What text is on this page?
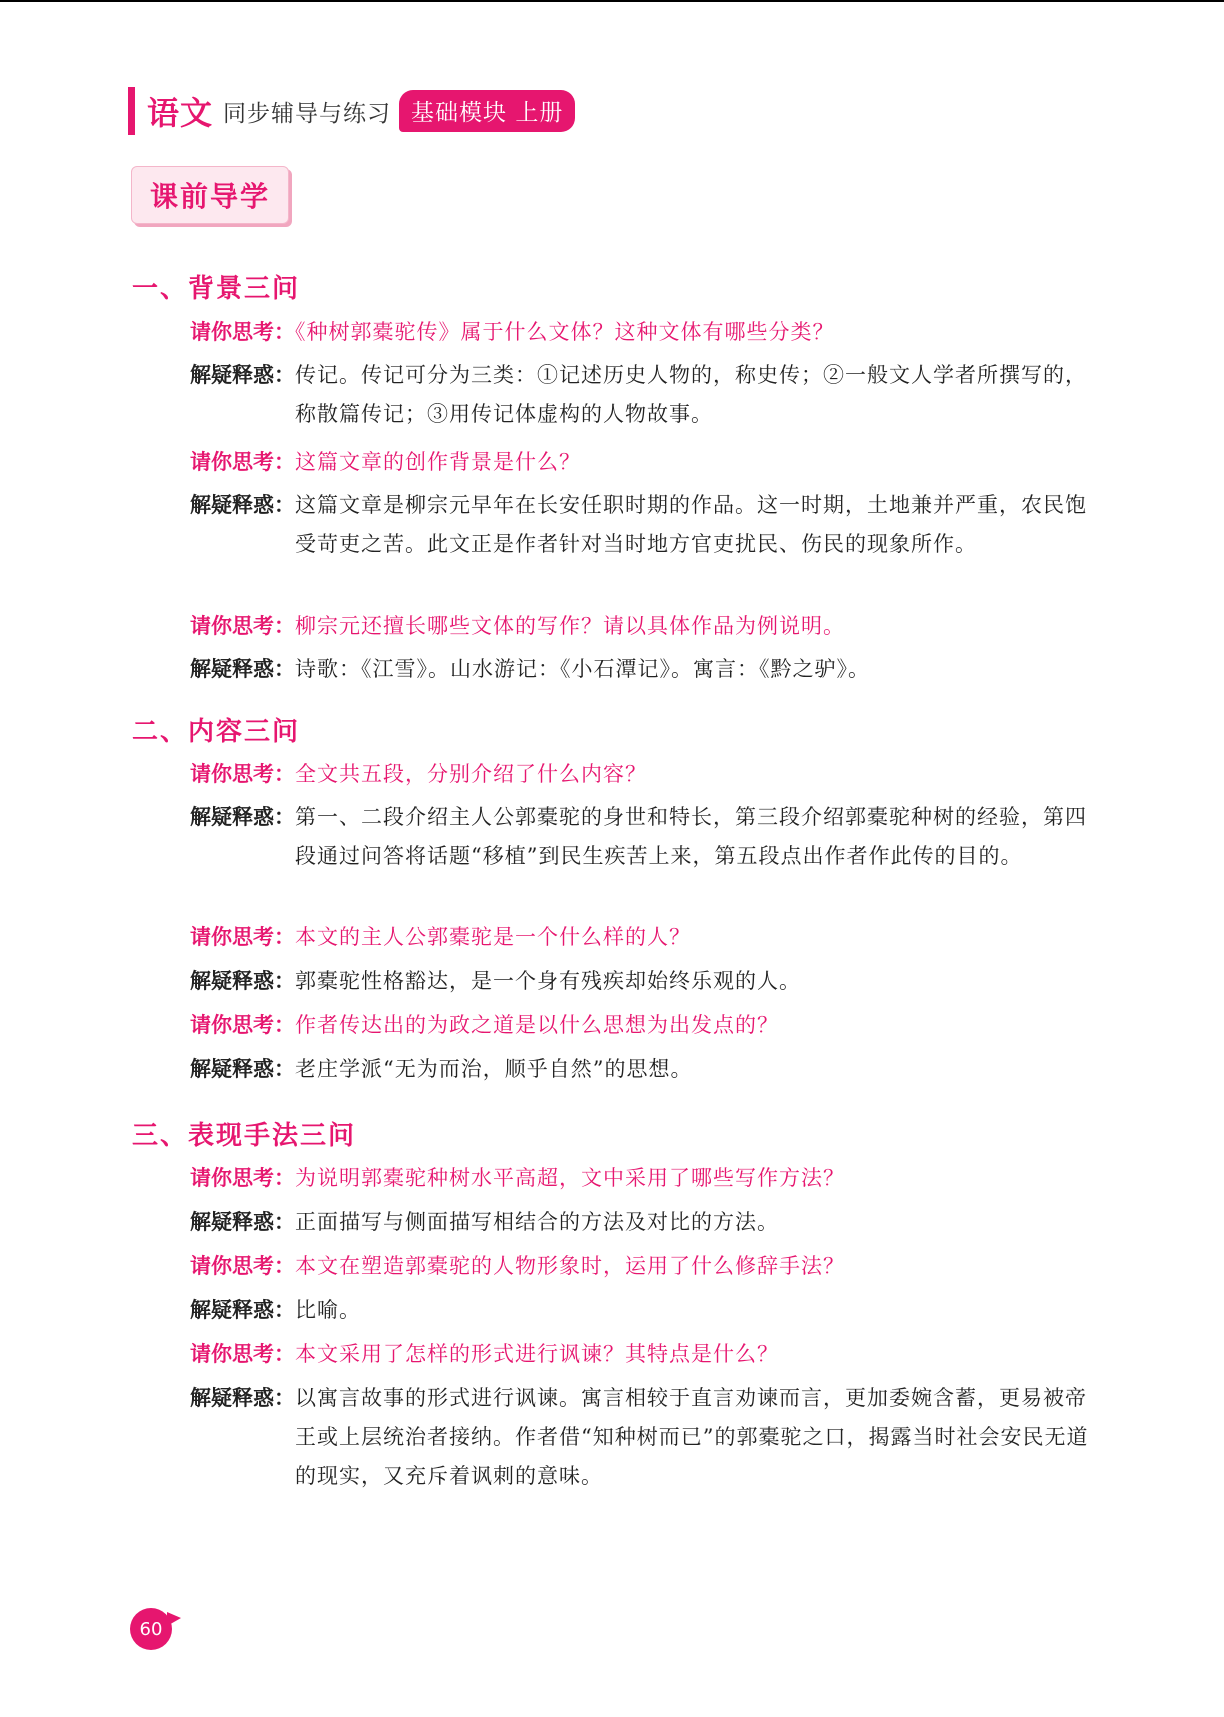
语文 同步辅导与练习 基础模块 上册
课前导学
一、背景三问
请你思考：《种树郭橐驼传》属于什么文体？这种文体有哪些分类？
解疑释惑： 传记。传记可分为三类：①记述历史人物的，称史传；②一般文人学者所撰写的，称散篇传记；③用传记体虚构的人物故事。
请你思考：这篇文章的创作背景是什么？
解疑释惑： 这篇文章是柳宗元早年在长安任职时期的作品。这一时期，土地兼并严重，农民饱受苛吏之苦。此文正是作者针对当时地方官吏扰民、伤民的现象所作。
请你思考：柳宗元还擅长哪些文体的写作？请以具体作品为例说明。
解疑释惑： 诗歌：《江雪》。山水游记：《小石潭记》。寓言：《黔之驴》。
二、内容三问
请你思考：全文共五段，分别介绍了什么内容？
解疑释惑： 第一、二段介绍主人公郭橐驼的身世和特长，第三段介绍郭橐驼种树的经验，第四段通过问答将话题“移植”到民生疾苦上来，第五段点出作者作此传的目的。
请你思考：本文的主人公郭橐驼是一个什么样的人？
解疑释惑： 郭橐驼性格豁达，是一个身有残疾却始终乐观的人。
请你思考：作者传达出的为政之道是以什么思想为出发点的？
解疑释惑： 老庄学派“无为而治，顺乎自然”的思想。
三、表现手法三问
请你思考：为说明郭橐驼种树水平高超，文中采用了哪些写作方法？
解疑释惑： 正面描写与侧面描写相结合的方法及对比的方法。
请你思考：本文在塑造郭橐驼的人物形象时，运用了什么修辞手法？
解疑释惑： 比喻。
请你思考：本文采用了怎样的形式进行讽谏？其特点是什么？
解疑释惑： 以寓言故事的形式进行讽谏。寓言相较于直言劝谏而言，更加委婉含蓄，更易被帝王或上层统治者接纳。作者借“知种树而已”的郭橐驼之口，揭露当时社会安民无道的现实，又充斥着讽刺的意味。
60
